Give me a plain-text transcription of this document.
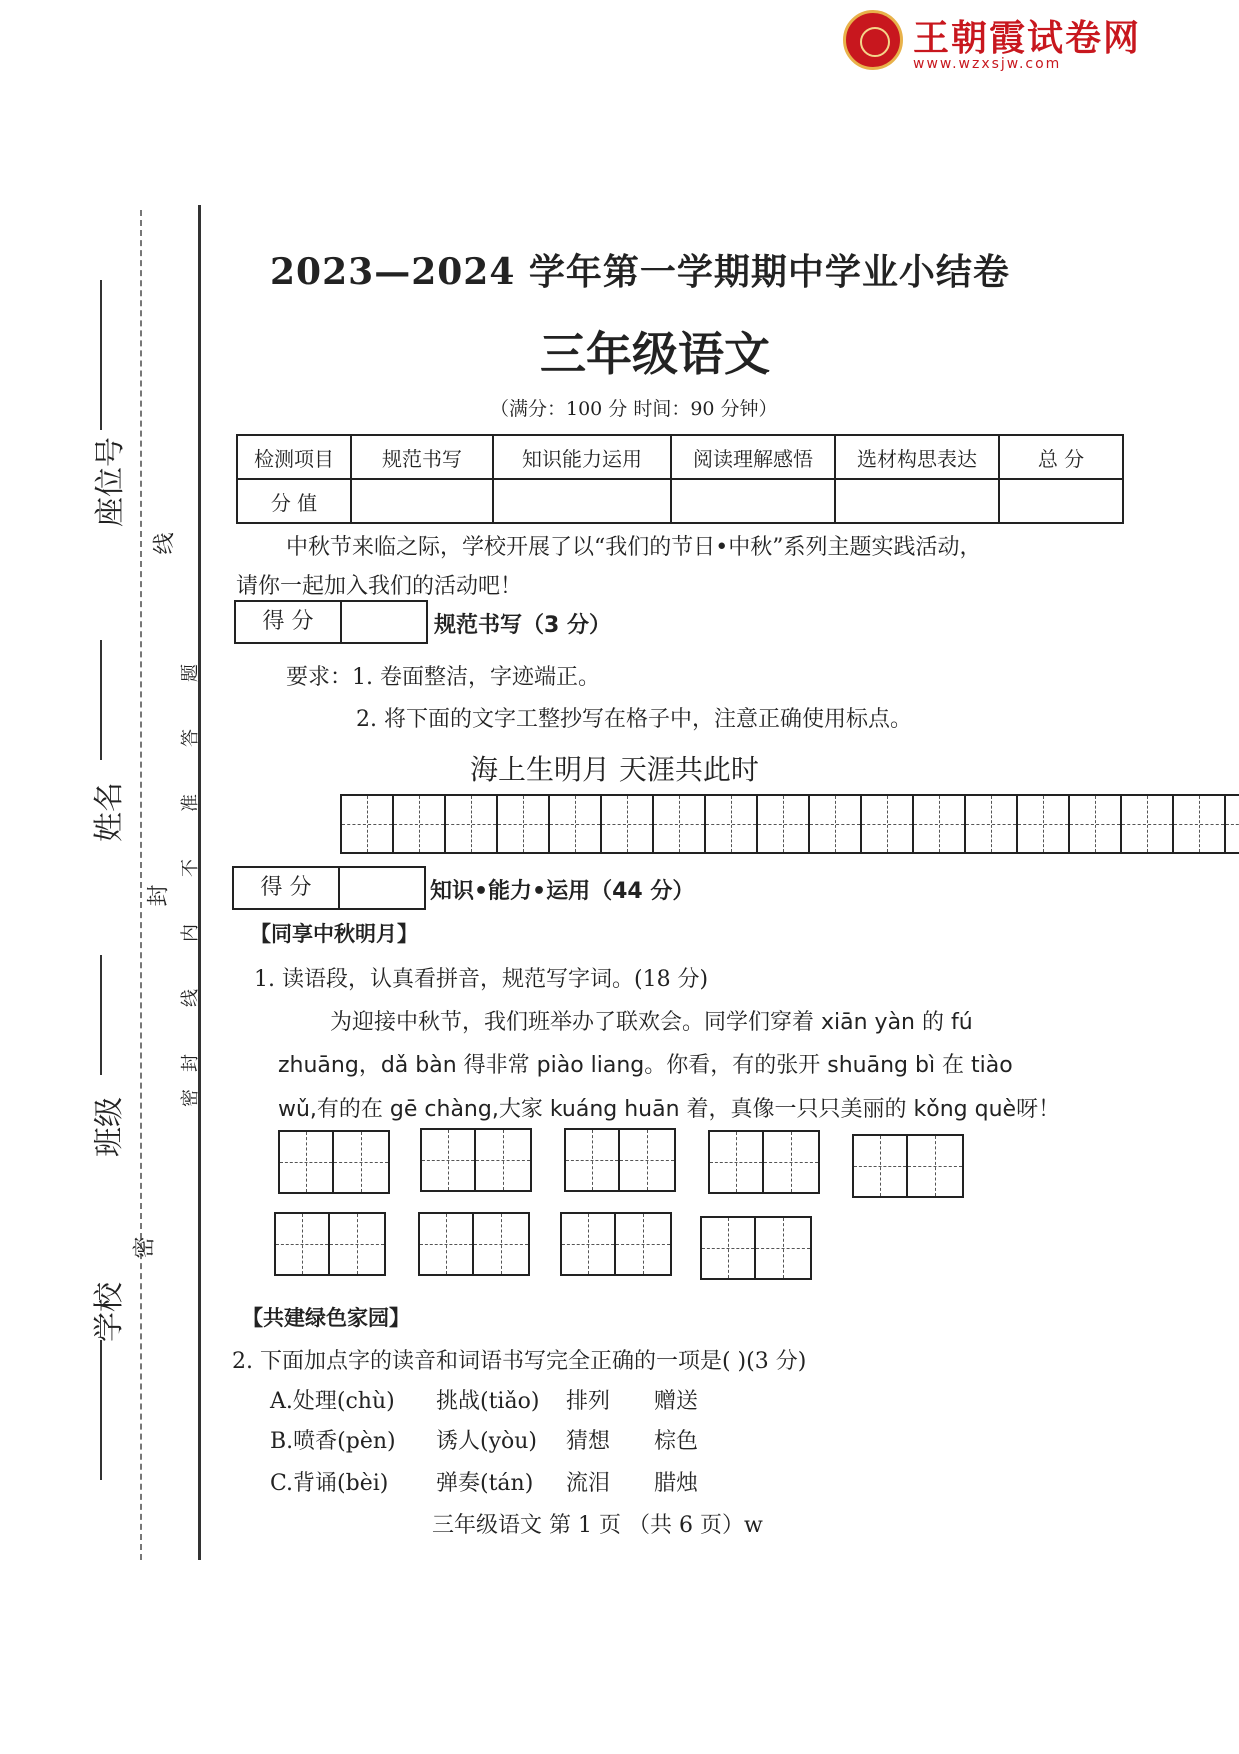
王朝霞试卷网
www.wzxsjw.com
座位号
姓名
班级
学校
线
封
密
密
封
线
内
不
准
答
题
2023—2024 学年第一学期期中学业小结卷
三年级语文
（满分：100 分 时间：90 分钟）
检测项目	规范书写	知识能力运用	阅读理解感悟	选材构思表达	总 分
分 值					
中秋节来临之际，学校开展了以“我们的节日•中秋”系列主题实践活动，
请你一起加入我们的活动吧！
得 分	规范书写（3 分）
要求：1. 卷面整洁，字迹端正。
2. 将下面的文字工整抄写在格子中，注意正确使用标点。
海上生明月 天涯共此时
得 分	知识•能力•运用（44 分）
【同享中秋明月】
1. 读语段，认真看拼音，规范写字词。(18 分)
为迎接中秋节，我们班举办了联欢会。同学们穿着 xiān yàn 的 fú
zhuāng，dǎ bàn 得非常 piào liang。你看，有的张开 shuāng bì 在 tiào
wǔ,有的在 gē chàng,大家 kuáng huān 着，真像一只只美丽的 kǒng què呀！
【共建绿色家园】
2. 下面加点字的读音和词语书写完全正确的一项是( )(3 分)
A.处理(chù) 挑战(tiǎo) 排列 赠送
B.喷香(pèn) 诱人(yòu) 猜想 棕色
C.背诵(bèi) 弹奏(tán) 流泪 腊烛
三年级语文 第 1 页 （共 6 页）w
